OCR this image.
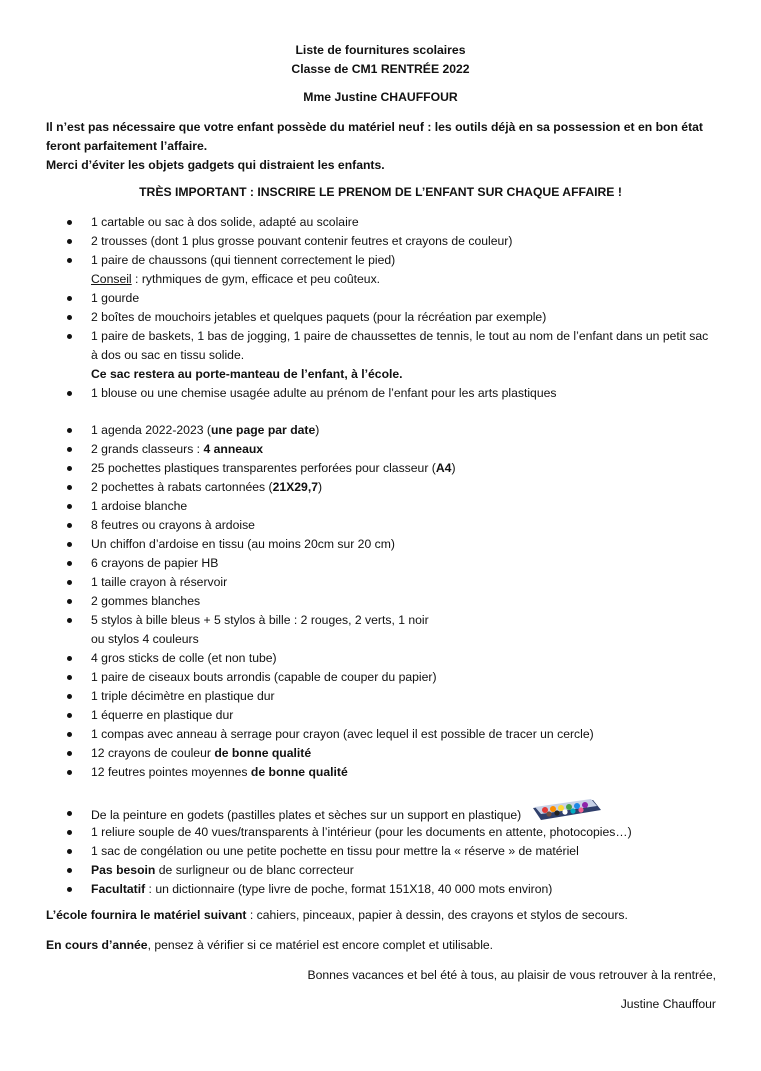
Liste de fournitures scolaires
Classe de CM1 RENTRÉE 2022
Mme Justine CHAUFFOUR
Il n’est pas nécessaire que votre enfant possède du matériel neuf : les outils déjà en sa possession et en bon état feront parfaitement l’affaire.
Merci d’éviter les objets gadgets qui distraient les enfants.
TRÈS IMPORTANT : INSCRIRE LE PRENOM DE L’ENFANT SUR CHAQUE AFFAIRE !
1 cartable ou sac à dos solide, adapté au scolaire
2 trousses (dont 1 plus grosse pouvant contenir feutres et crayons de couleur)
1 paire de chaussons (qui tiennent correctement le pied)
Conseil : rythmiques de gym, efficace et peu coûteux.
1 gourde
2 boîtes de mouchoirs jetables et quelques paquets (pour la récréation par exemple)
1 paire de baskets, 1 bas de jogging, 1 paire de chaussettes de tennis, le tout au nom de l’enfant dans un petit sac à dos ou sac en tissu solide.
Ce sac restera au porte-manteau de l’enfant, à l’école.
1 blouse ou une chemise usagée adulte au prénom de l’enfant pour les arts plastiques
1 agenda 2022-2023 (une page par date)
2 grands classeurs : 4 anneaux
25 pochettes plastiques transparentes perforées pour classeur (A4)
2 pochettes à rabats cartonnées (21X29,7)
1 ardoise blanche
8 feutres ou crayons à ardoise
Un chiffon d’ardoise en tissu (au moins 20cm sur 20 cm)
6 crayons de papier HB
1 taille crayon à réservoir
2 gommes blanches
5 stylos à bille bleus + 5 stylos à bille : 2 rouges, 2 verts, 1 noir
ou stylos 4 couleurs
4 gros sticks de colle (et non tube)
1 paire de ciseaux bouts arrondis (capable de couper du papier)
1 triple décimètre en plastique dur
1 équerre en plastique dur
1 compas avec anneau à serrage pour crayon (avec lequel il est possible de tracer un cercle)
12 crayons de couleur de bonne qualité
12 feutres pointes moyennes de bonne qualité
De la peinture en godets (pastilles plates et sèches sur un support en plastique)
1 reliure souple de 40 vues/transparents à l’intérieur (pour les documents en attente, photocopies…)
1 sac de congélation ou une petite pochette en tissu pour mettre la « réserve » de matériel
Pas besoin de surligneur ou de blanc correcteur
Facultatif : un dictionnaire (type livre de poche, format 151X18, 40 000 mots environ)
L’école fournira le matériel suivant : cahiers, pinceaux, papier à dessin, des crayons et stylos de secours.
En cours d’année, pensez à vérifier si ce matériel est encore complet et utilisable.
Bonnes vacances et bel été à tous, au plaisir de vous retrouver à la rentrée,
Justine Chauffour
